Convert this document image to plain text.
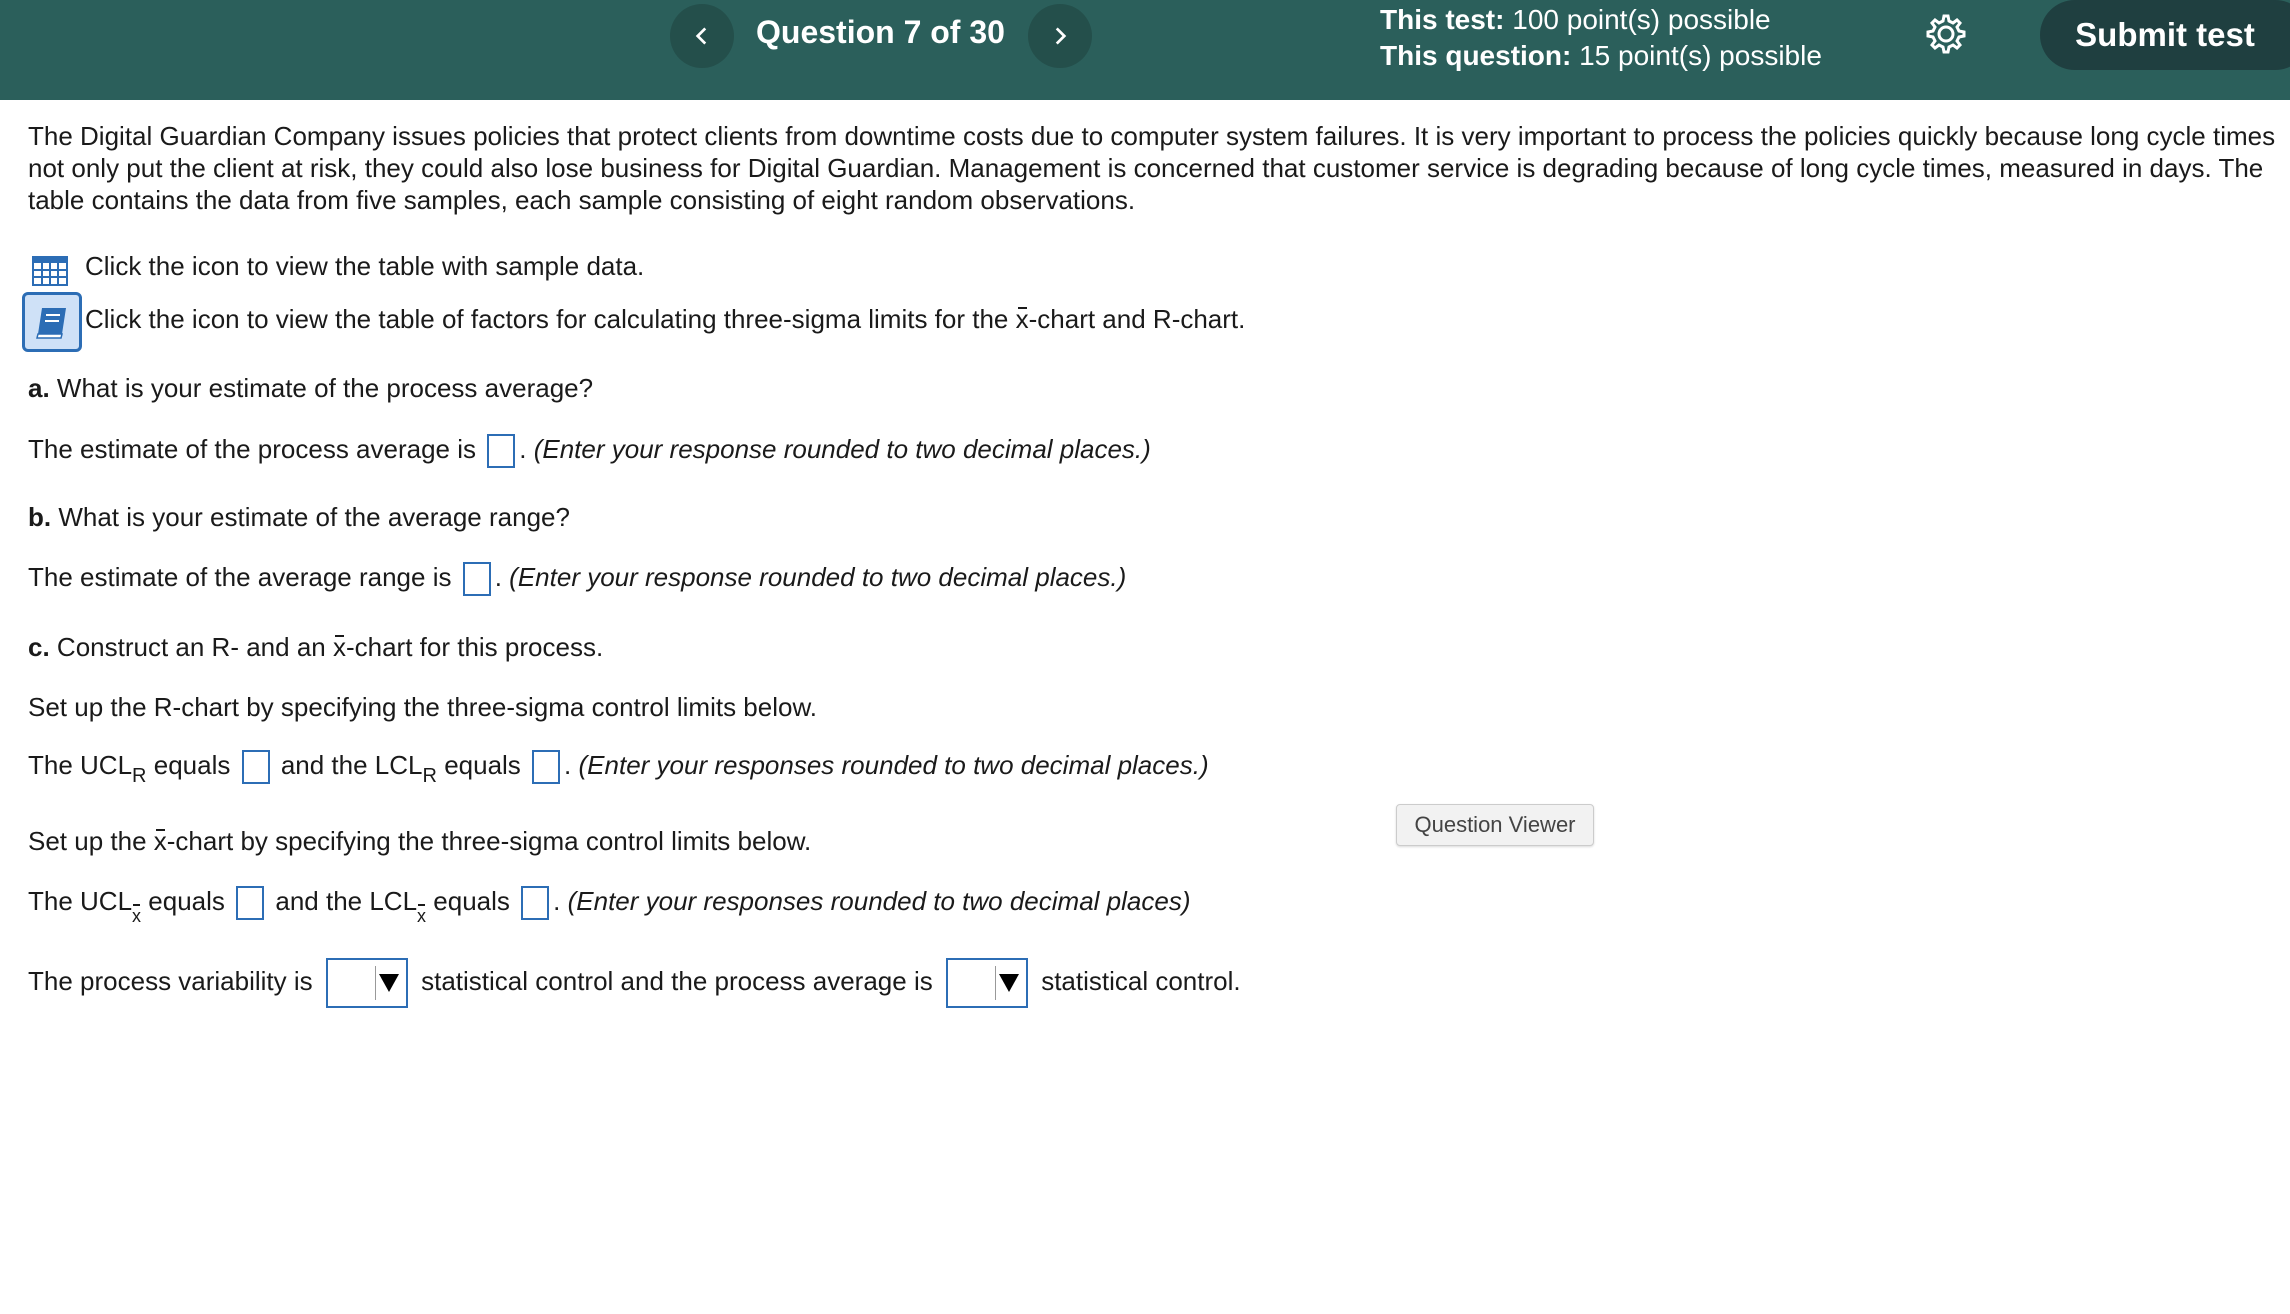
Question 7 of 30	This test: 100 point(s) possible
This question: 15 point(s) possible
Submit test

The Digital Guardian Company issues policies that protect clients from downtime costs due to computer system failures. It is very important to process the policies quickly because long cycle times not only put the client at risk, they could also lose business for Digital Guardian. Management is concerned that customer service is degrading because of long cycle times, measured in days. The table contains the data from five samples, each sample consisting of eight random observations.

Click the icon to view the table with sample data.
Click the icon to view the table of factors for calculating three-sigma limits for the x-chart and R-chart.
a. What is your estimate of the process average?
The estimate of the process average is . (Enter your response rounded to two decimal places.)
b. What is your estimate of the average range?
The estimate of the average range is . (Enter your response rounded to two decimal places.)
c. Construct an R- and an x-chart for this process.
Set up the R-chart by specifying the three-sigma control limits below.
The $UCL_R$ equals and the $LCL_R$ equals . (Enter your responses rounded to two decimal places.)
Set up the x-chart by specifying the three-sigma control limits below.
The UCLx equals and the LCLx equals . (Enter your responses rounded to two decimal places)
The process variability is	statistical control and the process average is	statistical control.
Question Viewer
